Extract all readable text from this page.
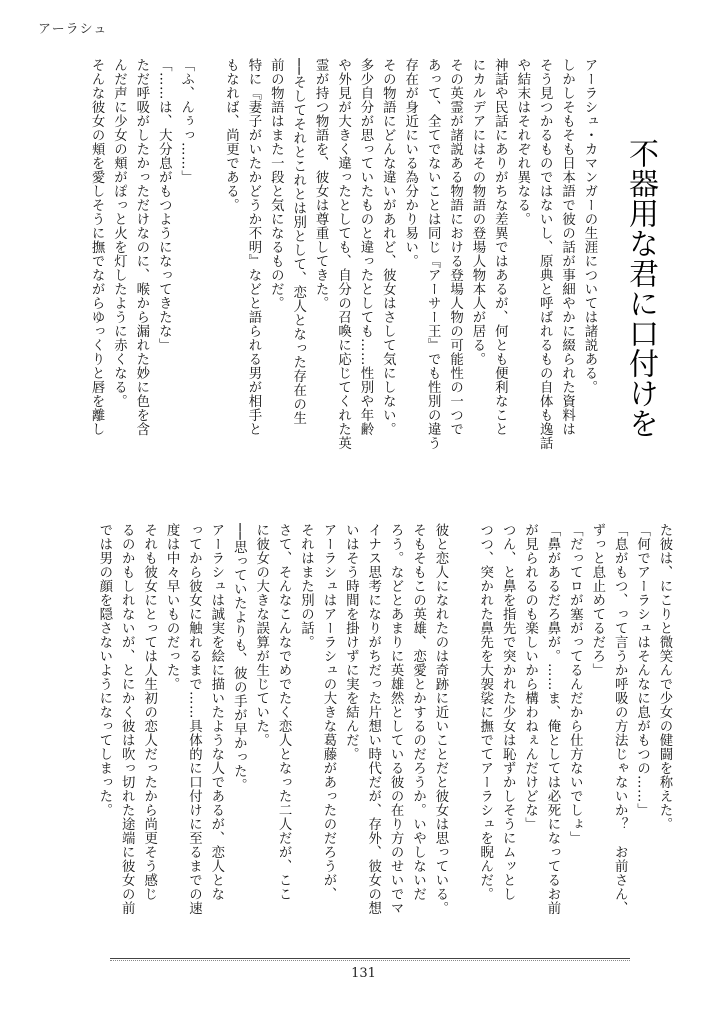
アーラシュ
不器用な君に口付けを

アーラシュ・カマンガーの生涯については諸説ある。

しかしそもそも日本語で彼の話が事細やかに綴られた資料は

そう見つかるものではないし、原典と呼ばれるもの自体も逸話

や結末はそれぞれ異なる。

神話や民話にありがちな差異ではあるが、何とも便利なこと

にカルデアにはその物語の登場人物本人が居る。

その英霊が諸説ある物語における登場人物の可能性の一つで

あって、全てでないことは同じ『アーサー王』でも性別の違う

存在が身近にいる為分かり易い。

その物語にどんな違いがあれど、彼女はさして気にしない。

多少自分が思っていたものと違ったとしても……性別や年齢

や外見が大きく違ったとしても、自分の召喚に応じてくれた英

霊が持つ物語を、彼女は尊重してきた。

──そしてそれとこれとは別として、恋人となった存在の生

前の物語はまた一段と気になるものだ。

特に『妻子がいたかどうか不明』などと語られる男が相手と

もなれば、尚更である。

「ふ、んぅっ……」

「……は、大分息がもつようになってきたな」

ただ呼吸がしたかっただけなのに、喉から漏れた妙に色を含

んだ声に少女の頬がぽっと火を灯したように赤くなる。

そんな彼女の頬を愛しそうに撫でながらゆっくりと唇を離し

た彼は、にこりと微笑んで少女の健闘を称えた。

「何でアーラシュはそんなに息がもつの……」

「息がもつ、って言うか呼吸の方法じゃないか？　お前さん、

ずっと息止めてるだろ」

「だってロが塞がってるんだから仕方ないでしょ」

「鼻があるだろ鼻が。……ま、俺としては必死になってるお前

が見られるのも楽しいから構わねぇんだけどな」

つん、と鼻を指先で突かれた少女は恥ずかしそうにムッとし

つつ、突かれた鼻先を大袈裟に撫でてアーラシュを睨んだ。

彼と恋人になれたのは奇跡に近いことだと彼女は思っている。

そもそもこの英雄、恋愛とかするのだろうか。いやしないだ

ろう。などとあまりに英雄然としている彼の在り方のせいでマ

イナス思考になりがちだった片想い時代だが、存外、彼女の想

いはそう時間を掛けずに実を結んだ。

アーラシュはアーラシュの大きな葛藤があったのだろうが、

それはまた別の話。

さて、そんなこんなでめでたく恋人となった二人だが、ここ

に彼女の大きな誤算が生じていた。

──思っていたよりも、彼の手が早かった。

アーラシュは誠実を絵に描いたような人であるが、恋人とな

ってから彼女に触れるまで……具体的に口付けに至るまでの速

度は中々早いものだった。

それも彼女にとっては人生初の恋人だったから尚更そう感じ

るのかもしれないが、とにかく彼は吹っ切れた途端に彼女の前

では男の顔を隠さないようになってしまった。

131
